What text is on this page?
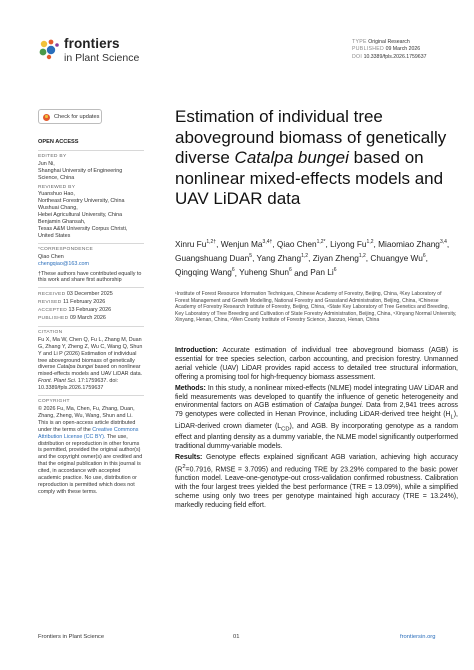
frontiers
in Plant Science
TYPE Original Research
PUBLISHED 09 March 2026
DOI 10.3389/fpls.2026.1759637
Check for updates
OPEN ACCESS
EDITED BY
Jun Ni,
Shanghai University of Engineering Science, China
REVIEWED BY
Yuanshuo Hao,
Northeast Forestry University, China
Wushuai Chang,
Hebei Agricultural University, China
Benjamin Ghansah,
Texas A&M University Corpus Christi, United States
*CORRESPONDENCE
Qiao Chen
chengqiao@163.com
†These authors have contributed equally to this work and share first authorship
RECEIVED 03 December 2025
REVISED 11 February 2026
ACCEPTED 13 February 2026
PUBLISHED 09 March 2026
CITATION
Fu X, Ma W, Chen Q, Fu L, Zhang M, Duan G, Zhang Y, Zheng Z, Wu C, Wang Q, Shun Y and Li P (2026) Estimation of individual tree aboveground biomass of genetically diverse Catalpa bungei based on nonlinear mixed-effects models and UAV LiDAR data. Front. Plant Sci. 17:1759637. doi: 10.3389/fpls.2026.1759637
COPYRIGHT
© 2026 Fu, Ma, Chen, Fu, Zhang, Duan, Zhang, Zheng, Wu, Wang, Shun and Li. This is an open-access article distributed under the terms of the Creative Commons Attribution License (CC BY). The use, distribution or reproduction in other forums is permitted, provided the original author(s) and the copyright owner(s) are credited and that the original publication in this journal is cited, in accordance with accepted academic practice. No use, distribution or reproduction is permitted which does not comply with these terms.
Estimation of individual tree aboveground biomass of genetically diverse Catalpa bungei based on nonlinear mixed-effects models and UAV LiDAR data
Xinru $Fu^{1,2\dagger}$, Wenjun $Ma^{3,4\dagger}$, Qiao Chen$^{1,2*}$, Liyong Fu$^{1,2}$, Miaomiao Zhang$^{3,4}$, Guangshuang Duan$^5$, Yang Zhang$^{1,2}$, Ziyan Zheng$^{1,2}$, Chuangye Wu$^6$, Qingqing Wang$^6$, Yuheng Shun$^6$ and Pan Li$^6$
¹Institute of Forest Resource Information Techniques, Chinese Academy of Forestry, Beijing, China, ²Key Laboratory of Forest Management and Growth Modelling, National Forestry and Grassland Administration, Beijing, China, ³Chinese Academy of Forestry Research Institute of Forestry, Beijing, China, ⁴State Key Laboratory of Tree Genetics and Breeding, Key Laboratory of Tree Breeding and Cultivation of State Forestry Administration, Beijing, China, ⁵Xinyang Normal University, Xinyang, Henan, China, ⁶Wen County Institute of Forestry Science, Jiaozuo, Henan, China

Introduction: Accurate estimation of individual tree aboveground biomass (AGB) is essential for tree species selection, carbon accounting, and precision forestry. Unmanned aerial vehicle (UAV) LiDAR provides rapid access to detailed tree structural information, offering a promising tool for high-frequency biomass assessment.

Methods: In this study, a nonlinear mixed-effects (NLME) model integrating UAV LiDAR and field measurements was developed to quantify the influence of genetic heterogeneity and environmental factors on AGB estimation of Catalpa bungei. Data from 2,941 trees across 79 genotypes were collected in Henan Province, including LiDAR-derived tree height $(H_L)$, LiDAR-derived crown diameter $(L_{CD})$, and AGB. By incorporating genotype as a random effect and planting density as a dummy variable, the NLME model significantly outperformed traditional dummy-variable models.

Results: Genotype effects explained significant AGB variation, achieving high accuracy ($R^2=0.7916$, RMSE = 3.7095) and reducing TRE by 23.29% compared to the basic power function model. Leave-one-genotype-out cross-validation confirmed robustness. Calibration with the four largest trees yielded the best performance (TRE = 13.09%), while a simplified scheme using only two trees per genotype maintained high accuracy (TRE = 13.24%), markedly reducing field effort.

Frontiers in Plant Science	01	frontiersin.org
